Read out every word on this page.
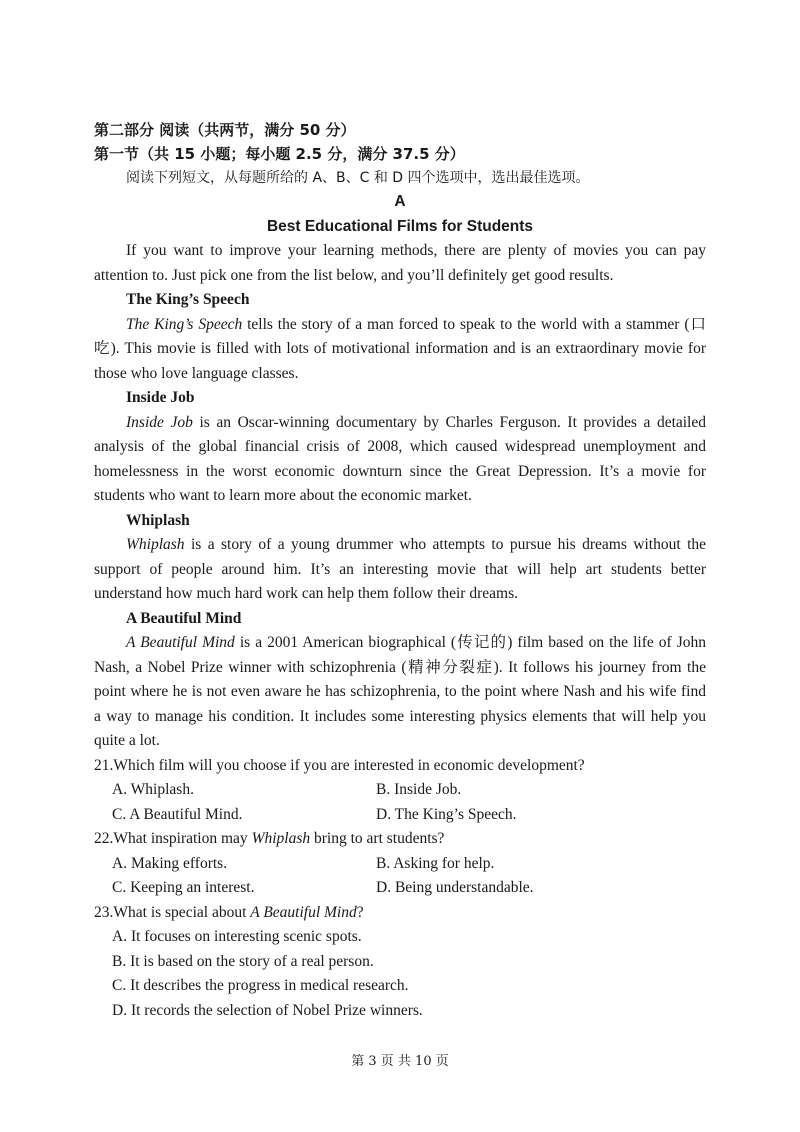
第二部分 阅读（共两节，满分 50 分）
第一节（共 15 小题；每小题 2.5 分，满分 37.5 分）
阅读下列短文，从每题所给的 A、B、C 和 D 四个选项中，选出最佳选项。
A
Best Educational Films for Students

If you want to improve your learning methods, there are plenty of movies you can pay attention to. Just pick one from the list below, and you’ll definitely get good results.

The King’s Speech

The King’s Speech tells the story of a man forced to speak to the world with a stammer (口吃). This movie is filled with lots of motivational information and is an extraordinary movie for those who love language classes.

Inside Job

Inside Job is an Oscar-winning documentary by Charles Ferguson. It provides a detailed analysis of the global financial crisis of 2008, which caused widespread unemployment and homelessness in the worst economic downturn since the Great Depression. It’s a movie for students who want to learn more about the economic market.

Whiplash

Whiplash is a story of a young drummer who attempts to pursue his dreams without the support of people around him. It’s an interesting movie that will help art students better understand how much hard work can help them follow their dreams.

A Beautiful Mind

A Beautiful Mind is a 2001 American biographical (传记的) film based on the life of John Nash, a Nobel Prize winner with schizophrenia (精神分裂症). It follows his journey from the point where he is not even aware he has schizophrenia, to the point where Nash and his wife find a way to manage his condition. It includes some interesting physics elements that will help you quite a lot.

21.Which film will you choose if you are interested in economic development?
A. Whiplash.	B. Inside Job.
C. A Beautiful Mind.	D. The King’s Speech.
22.What inspiration may Whiplash bring to art students?
A. Making efforts.	B. Asking for help.
C. Keeping an interest.	D. Being understandable.
23.What is special about A Beautiful Mind?
A. It focuses on interesting scenic spots.
B. It is based on the story of a real person.
C. It describes the progress in medical research.
D. It records the selection of Nobel Prize winners.
第 3 页 共 10 页
